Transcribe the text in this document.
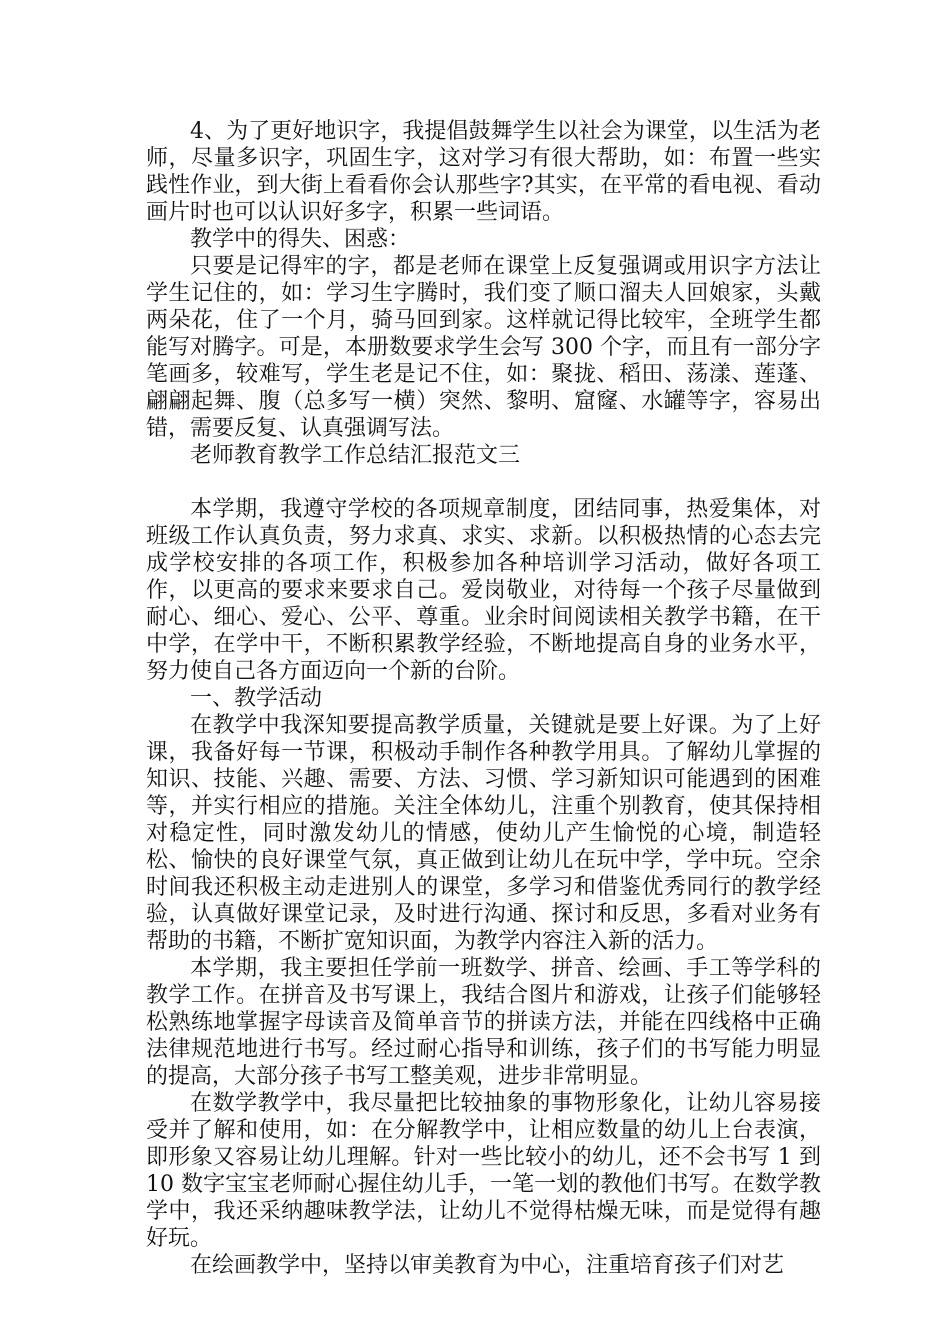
4、为了更好地识字，我提倡鼓舞学生以社会为课堂，以生活为老师，尽量多识字，巩固生字，这对学习有很大帮助，如：布置一些实践性作业，到大街上看看你会认那些字?其实，在平常的看电视、看动画片时也可以认识好多字，积累一些词语。

教学中的得失、困惑：

只要是记得牢的字，都是老师在课堂上反复强调或用识字方法让学生记住的，如：学习生字腾时，我们变了顺口溜夫人回娘家，头戴两朵花，住了一个月，骑马回到家。这样就记得比较牢，全班学生都能写对腾字。可是，本册数要求学生会写 300 个字，而且有一部分字笔画多，较难写，学生老是记不住，如：聚拢、稻田、荡漾、莲蓬、翩翩起舞、腹（总多写一横）突然、黎明、窟窿、水罐等字，容易出错，需要反复、认真强调写法。

老师教育教学工作总结汇报范文三

本学期，我遵守学校的各项规章制度，团结同事，热爱集体，对班级工作认真负责，努力求真、求实、求新。以积极热情的心态去完成学校安排的各项工作，积极参加各种培训学习活动，做好各项工作，以更高的要求来要求自己。爱岗敬业，对待每一个孩子尽量做到耐心、细心、爱心、公平、尊重。业余时间阅读相关教学书籍，在干中学，在学中干，不断积累教学经验，不断地提高自身的业务水平，努力使自己各方面迈向一个新的台阶。

一、教学活动

在教学中我深知要提高教学质量，关键就是要上好课。为了上好课，我备好每一节课，积极动手制作各种教学用具。了解幼儿掌握的知识、技能、兴趣、需要、方法、习惯、学习新知识可能遇到的困难等，并实行相应的措施。关注全体幼儿，注重个别教育，使其保持相对稳定性，同时激发幼儿的情感，使幼儿产生愉悦的心境，制造轻松、愉快的良好课堂气氛，真正做到让幼儿在玩中学，学中玩。空余时间我还积极主动走进别人的课堂，多学习和借鉴优秀同行的教学经验，认真做好课堂记录，及时进行沟通、探讨和反思，多看对业务有帮助的书籍，不断扩宽知识面，为教学内容注入新的活力。

本学期，我主要担任学前一班数学、拼音、绘画、手工等学科的教学工作。在拼音及书写课上，我结合图片和游戏，让孩子们能够轻松熟练地掌握字母读音及简单音节的拼读方法，并能在四线格中正确法律规范地进行书写。经过耐心指导和训练，孩子们的书写能力明显的提高，大部分孩子书写工整美观，进步非常明显。

在数学教学中，我尽量把比较抽象的事物形象化，让幼儿容易接受并了解和使用，如：在分解教学中，让相应数量的幼儿上台表演，即形象又容易让幼儿理解。针对一些比较小的幼儿，还不会书写 1 到 10 数字宝宝老师耐心握住幼儿手，一笔一划的教他们书写。在数学教学中，我还采纳趣味教学法，让幼儿不觉得枯燥无味，而是觉得有趣好玩。

在绘画教学中，坚持以审美教育为中心，注重培育孩子们对艺
